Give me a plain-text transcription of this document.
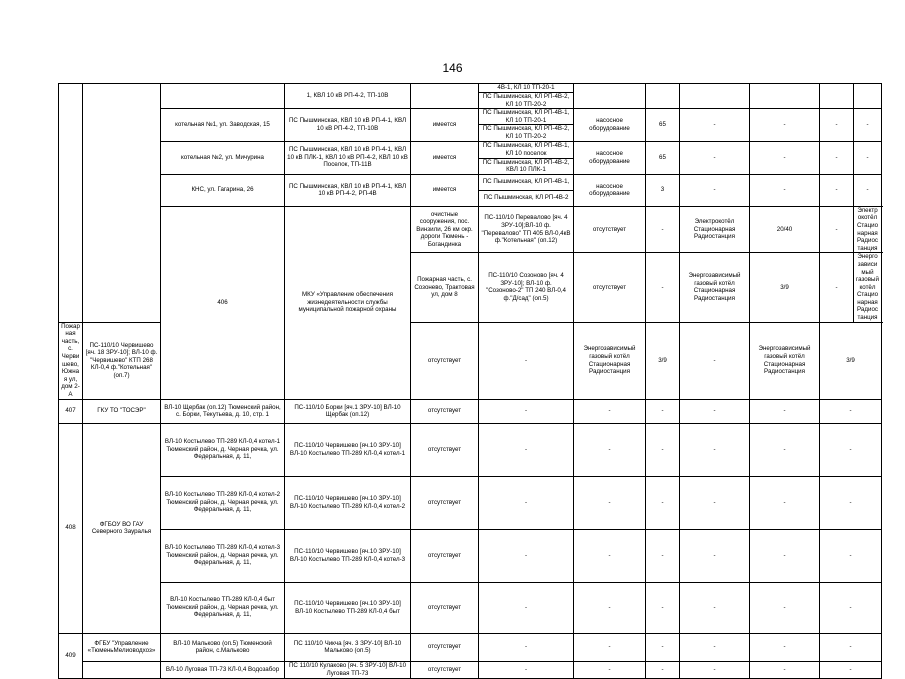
146
			1, КВЛ 10 кВ РП-4-2, ТП-10В		4В-1, КЛ 10 ТП-20-1							
					ПС Пышминская, КЛ РП-4В-2, КЛ 10 ТП-20-2							
		котельная №1, ул. Заводская, 15	ПС Пышминская, КВЛ 10 кВ РП-4-1, КВЛ 10 кВ РП-4-2, ТП-10В	имеется	ПС Пышминская, КЛ РП-4В-1, КЛ 10 ТП-20-1	насосное оборудование	65	-	-	-	-	
					ПС Пышминская, КЛ РП-4В-2, КЛ 10 ТП-20-2							
		котельная №2, ул. Мичурина	ПС Пышминская, КВЛ 10 кВ РП-4-1, КВЛ 10 кВ ПЛК-1, КВЛ 10 кВ РП-4-2, КВЛ 10 кВ Поселок, ТП-11В	имеется	ПС Пышминская, КЛ РП-4В-1, КЛ 10 поселок	насосное оборудование	65	-	-	-	-	
					ПС Пышминская, КЛ РП-4В-2, КВЛ 10 ПЛК-1							
		КНС, ул. Гагарина, 26	ПС Пышминская, КВЛ 10 кВ РП-4-1, КВЛ 10 кВ РП-4-2, РП-4В	имеется	ПС Пышминская, КЛ РП-4В-1,	насосное оборудование	3	-	-	-	-	
					ПС Пышминская, КЛ РП-4В-2							
		406	МКУ «Управление обеспечения жизнедеятельности службы муниципальной пожарной охраны	очистные сооружения, пос. Винзили, 26 км окр. дороги Тюмень - Богандинка	ПС-110/10 Перевалово [яч. 4 ЗРУ-10];ВЛ-10 ф. "Перевалово" ТП 405 ВЛ-0,4кВ ф."Котельная" (оп.12)	отсутствует	-	Электрокотёл Стационарная Радиостанция	20/40	-	Электрокотёл Стационарная Радиостанция	
				Пожарная часть, с. Созонево, Трактовая ул, дом 8	ПС-110/10 Созоново [яч. 4 ЗРУ-10]; ВЛ-10 ф. "Созоново-2" ТП 240 ВЛ-0,4 ф."Д/сад" (оп.5)	отсутствует	-	Энергозависимый газовый котёл Стационарная Радиостанция	3/9	-	Энергозависимый газовый котёл Стационарная Радиостанция	
Пожарная часть, с. Червишево, Южная ул, дом 2-А	ПС-110/10 Червишево [яч. 18 ЗРУ-10]; ВЛ-10 ф. "Червишево" КТП 268 КЛ-0,4 ф."Котельная" (оп.7)			отсутствует	-	Энергозависимый газовый котёл Стационарная Радиостанция	3/9	-	Энергозависимый газовый котёл Стационарная Радиостанция	3/9		
407	ГКУ ТО "ТОСЭР"	ВЛ-10 Щербак (оп.12) Тюменский район, с. Борки, Текутьева, д. 10, стр. 1	ПС-110/10 Борки [яч.1 ЗРУ-10] ВЛ-10 Щербак (оп.12)	отсутствует	-	-	-	-	-	-		
408	ФГБОУ ВО ГАУ Северного Зауралья	ВЛ-10 Костылево ТП-289 КЛ-0,4 котел-1 Тюменский район, д. Черная речка, ул. Федеральная, д. 11,	ПС-110/10 Червишево [яч.10 ЗРУ-10] ВЛ-10 Костылево ТП-289 КЛ-0,4 котел-1	отсутствует	-	-	-	-	-	-		
		ВЛ-10 Костылево ТП-289 КЛ-0,4 котел-2 Тюменский район, д. Черная речка, ул. Федеральная, д. 11,	ПС-110/10 Червишево [яч.10 ЗРУ-10] ВЛ-10 Костылево ТП-289 КЛ-0,4 котел-2	отсутствует	-	-	-	-	-	-		
		ВЛ-10 Костылево ТП-289 КЛ-0,4 котел-3 Тюменский район, д. Черная речка, ул. Федеральная, д. 11,	ПС-110/10 Червишево [яч.10 ЗРУ-10] ВЛ-10 Костылево ТП-289 КЛ-0,4 котел-3	отсутствует	-	-	-	-	-	-		
		ВЛ-10 Костылево ТП-289 КЛ-0,4 быт Тюменский район, д. Черная речка, ул. Федеральная, д. 11,	ПС-110/10 Червишево [яч.10 ЗРУ-10] ВЛ-10 Костылево ТП-289 КЛ-0,4 быт	отсутствует	-	-	-	-	-	-		
409	ФГБУ "Управление «ТюменьМелиоводхоз»	ВЛ-10 Мальково (оп.5) Тюменский район, с.Мальково	ПС 110/10 Чикча [яч. 3 ЗРУ-10] ВЛ-10 Мальково (оп.5)	отсутствует	-	-	-	-	-	-		
		ВЛ-10 Луговая ТП-73 КЛ-0,4 Водозабор	ПС 110/10 Кулаково [яч. 5 ЗРУ-10] ВЛ-10 Луговая ТП-73	отсутствует	-	-	-	-	-	-		
